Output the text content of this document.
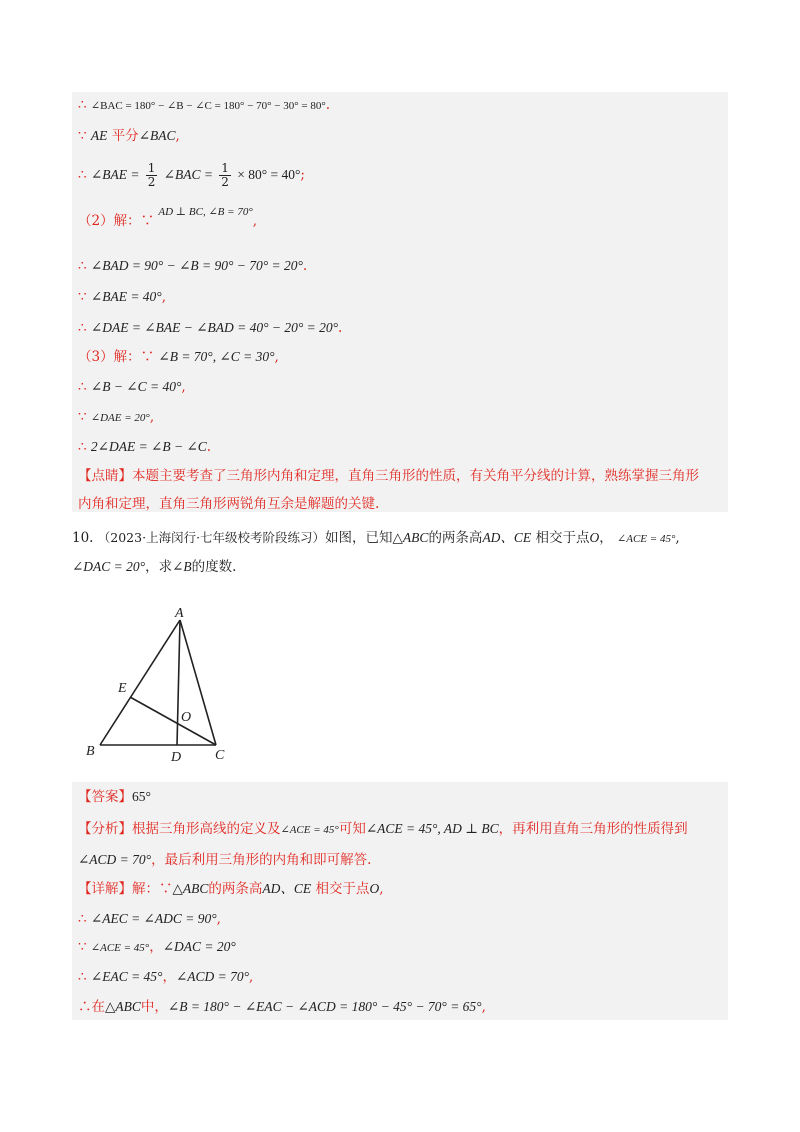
∴ ∠BAC = 180° − ∠B − ∠C = 180° − 70° − 30° = 80°.
∵ AE 平分∠BAC,
∴ ∠BAE = $\frac{1}{2}$ ∠BAC = $\frac{1}{2} \times 80^\circ = 40^\circ$;
（2）解：∵ $^{AD \perp BC, \angle B = 70^\circ}$,
∴ ∠BAD = 90° − ∠B = 90° − 70° = 20°.
∵ ∠BAE = 40°,
∴ ∠DAE = ∠BAE − ∠BAD = 40° − 20° = 20°.
（3）解：∵ ∠B = 70°, ∠C = 30°,
∴ ∠B − ∠C = 40°,
∵ ∠DAE = 20°,
∴ 2∠DAE = ∠B − ∠C.
【点睛】本题主要考查了三角形内角和定理，直角三角形的性质，有关角平分线的计算，熟练掌握三角形
内角和定理，直角三角形两锐角互余是解题的关键.
10. （2023·上海闵行·七年级校考阶段练习）如图，已知△ABC的两条高AD、CE 相交于点O， ∠ACE = 45°,
∠DAC = 20°，求∠B的度数.
A
B	C
D
E
O
【答案】65°
【分析】根据三角形高线的定义及∠ACE = 45°可知∠ACE = 45°, AD ⊥ BC，再利用直角三角形的性质得到
∠ACD = 70°，最后利用三角形的内角和即可解答.
【详解】解：∵△ABC的两条高AD、CE 相交于点O,
∴ ∠AEC = ∠ADC = 90°,
∵ ∠ACE = 45°，∠DAC = 20°
∴ ∠EAC = 45°，∠ACD = 70°,
∴在△ABC中，∠B = 180° − ∠EAC − ∠ACD = 180° − 45° − 70° = 65°,
